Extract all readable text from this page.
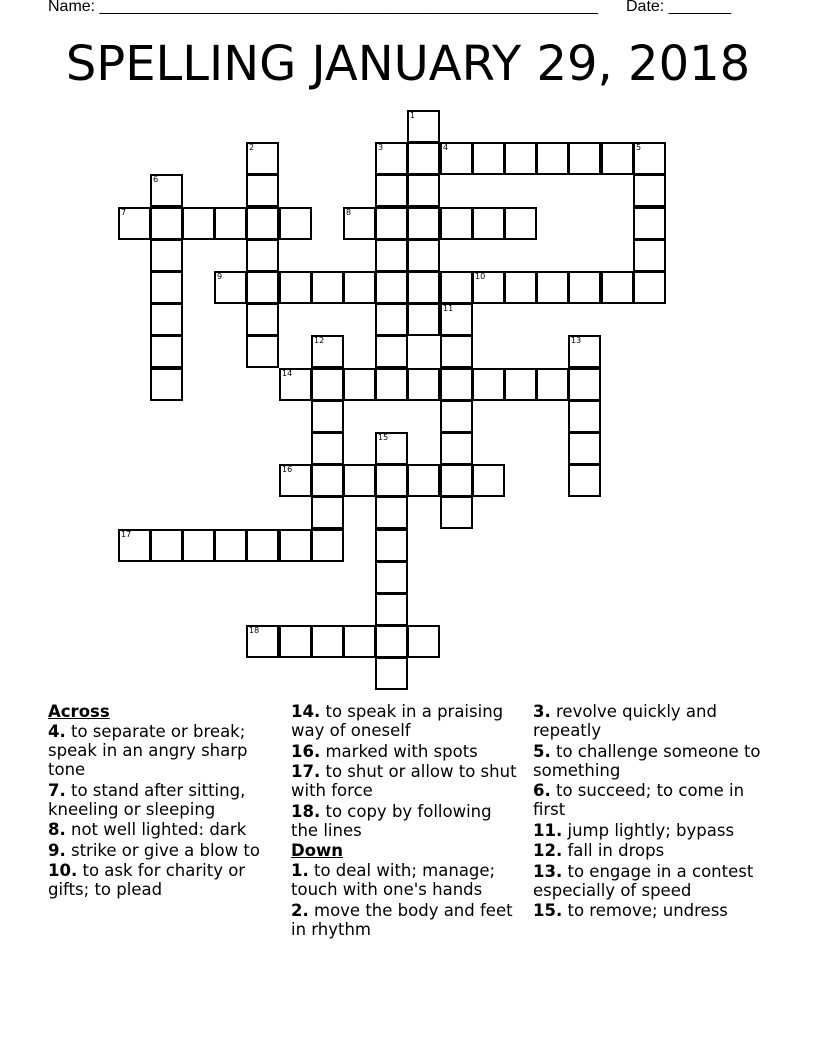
Name: ________________________________________________________ Date: _______
SPELLING JANUARY 29, 2018
1
2	3	4	5
6
7	8
9	10
11
12	13
14
15
16
17
18
Across
4. to separate or break; speak in an angry sharp tone
7. to stand after sitting, kneeling or sleeping
8. not well lighted: dark
9. strike or give a blow to
10. to ask for charity or gifts; to plead
14. to speak in a praising way of oneself
16. marked with spots
17. to shut or allow to shut with force
18. to copy by following the lines
Down
1. to deal with; manage; touch with one's hands
2. move the body and feet in rhythm
3. revolve quickly and repeatly
5. to challenge someone to something
6. to succeed; to come in first
11. jump lightly; bypass
12. fall in drops
13. to engage in a contest especially of speed
15. to remove; undress
